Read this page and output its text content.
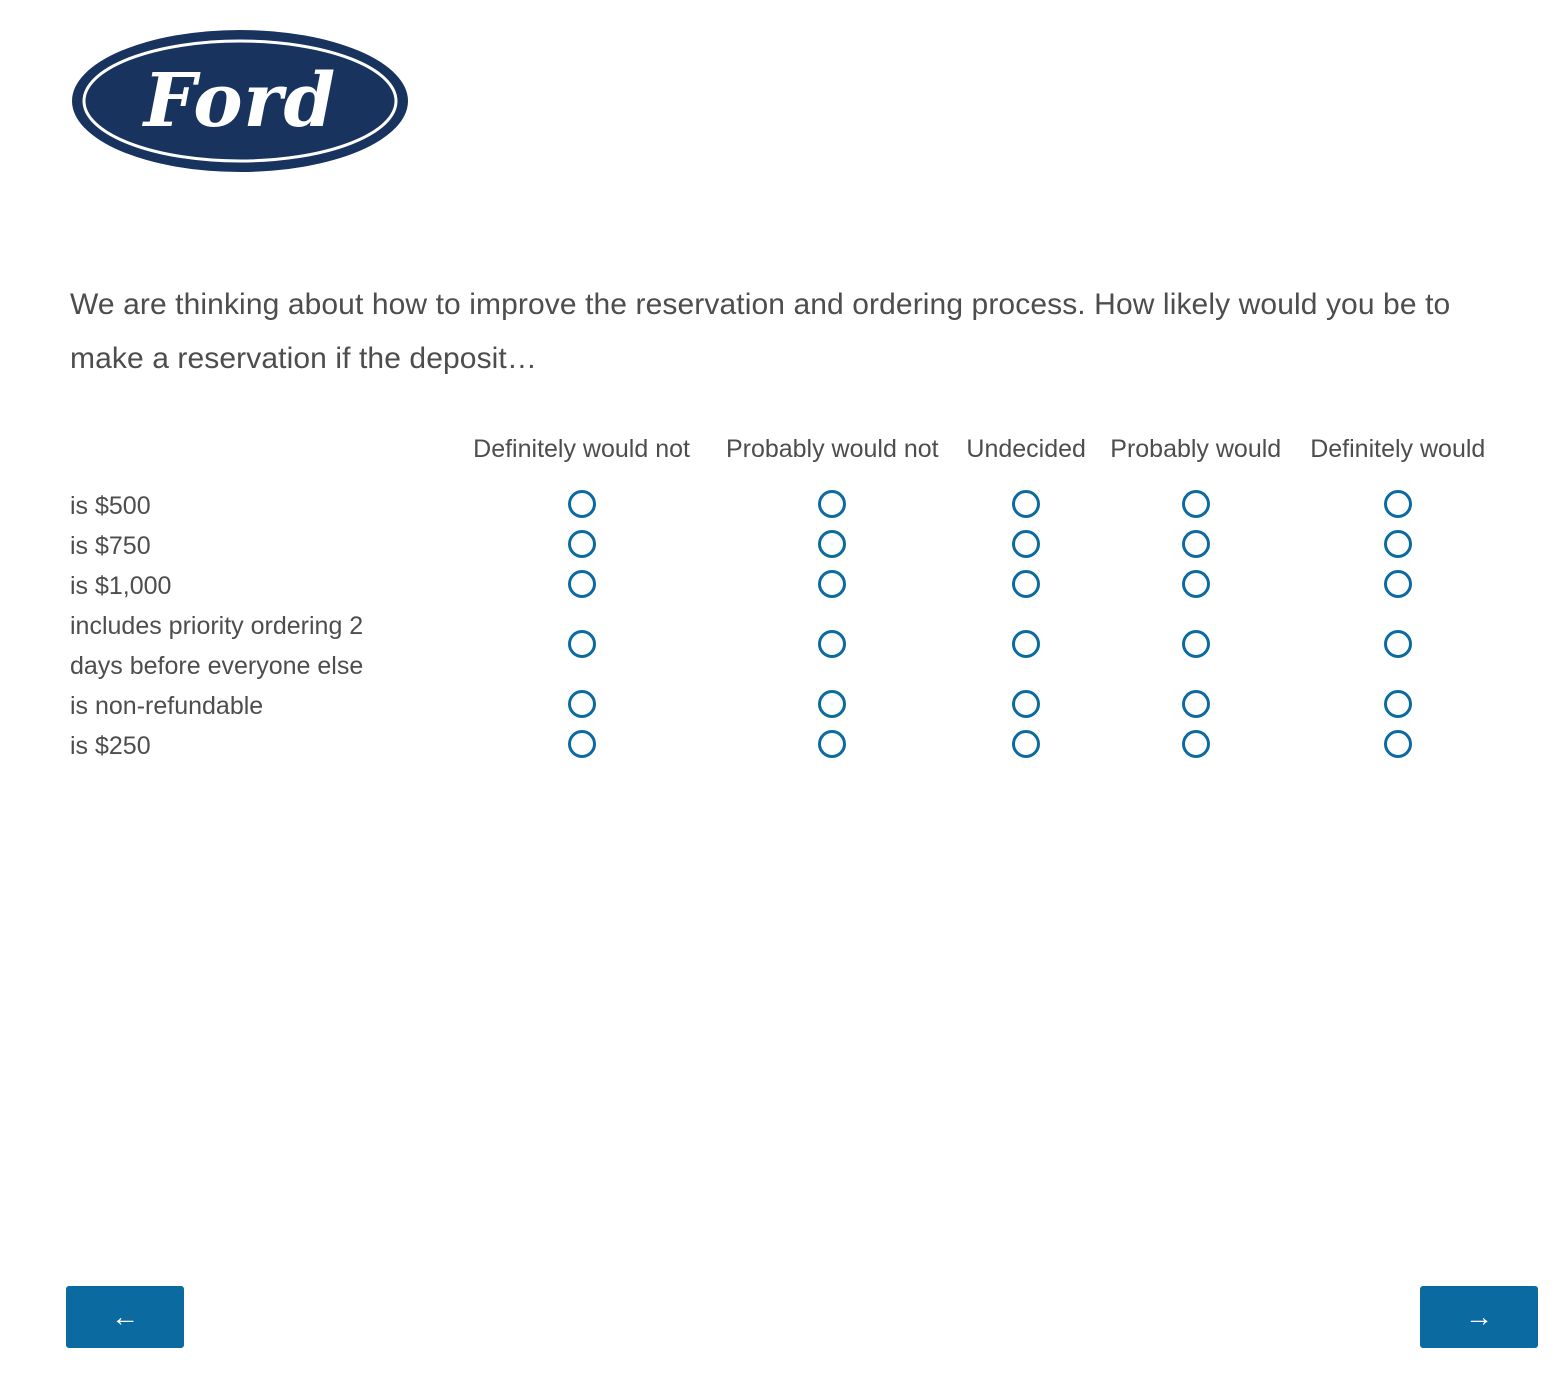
Ford
We are thinking about how to improve the reservation and ordering process. How likely would you be to make a reservation if the deposit…
	Definitely would not	Probably would not	Undecided	Probably would	Definitely would

is $500					

is $750					

is $1,000					

includes priority ordering 2 days before everyone else					

is non-refundable					

is $250					

←	→
